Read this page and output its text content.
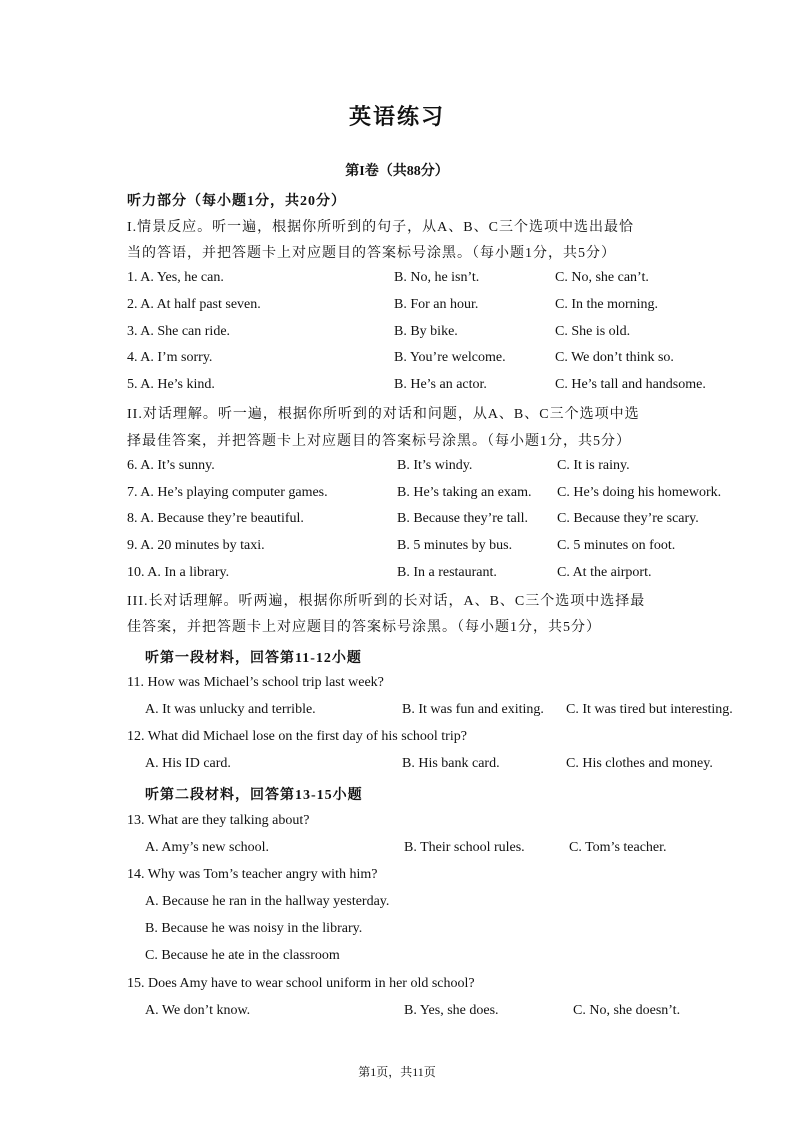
英语练习
第I卷（共88分）
听力部分（每小题1分，共20分）
I.情景反应。听一遍，根据你所听到的句子，从A、B、C三个选项中选出最恰
当的答语，并把答题卡上对应题目的答案标号涂黑。（每小题1分，共5分）
1. A. Yes, he can.	B. No, he isn’t.	C. No, she can’t.
2. A. At half past seven.	B. For an hour.	C. In the morning.
3. A. She can ride.	B. By bike.	C. She is old.
4. A. I’m sorry.	B. You’re welcome.	C. We don’t think so.
5. A. He’s kind.	B. He’s an actor.	C. He’s tall and handsome.
II.对话理解。听一遍，根据你所听到的对话和问题，从A、B、C三个选项中选
择最佳答案，并把答题卡上对应题目的答案标号涂黑。（每小题1分，共5分）
6. A. It’s sunny.	B. It’s windy.	C. It is rainy.
7. A. He’s playing computer games.	B. He’s taking an exam. C. He’s doing his homework.
8. A. Because they’re beautiful.	B. Because they’re tall. C. Because they’re scary.
9. A. 20 minutes by taxi.	B. 5 minutes by bus.	C. 5 minutes on foot.
10. A. In a library.	B. In a restaurant.	C. At the airport.
III.长对话理解。听两遍，根据你所听到的长对话，A、B、C三个选项中选择最
佳答案，并把答题卡上对应题目的答案标号涂黑。（每小题1分，共5分）
听第一段材料，回答第11-12小题
11. How was Michael’s school trip last week?
A. It was unlucky and terrible.	B. It was fun and exiting. C. It was tired but interesting.
12. What did Michael lose on the first day of his school trip?
A. His ID card.	B. His bank card.	C. His clothes and money.
听第二段材料，回答第13-15小题
13. What are they talking about?
A. Amy’s new school.	B. Their school rules.	C. Tom’s teacher.
14. Why was Tom’s teacher angry with him?
A. Because he ran in the hallway yesterday.
B. Because he was noisy in the library.
C. Because he ate in the classroom
15. Does Amy have to wear school uniform in her old school?
A. We don’t know.	B. Yes, she does.	C. No, she doesn’t.
第1页，共11页
